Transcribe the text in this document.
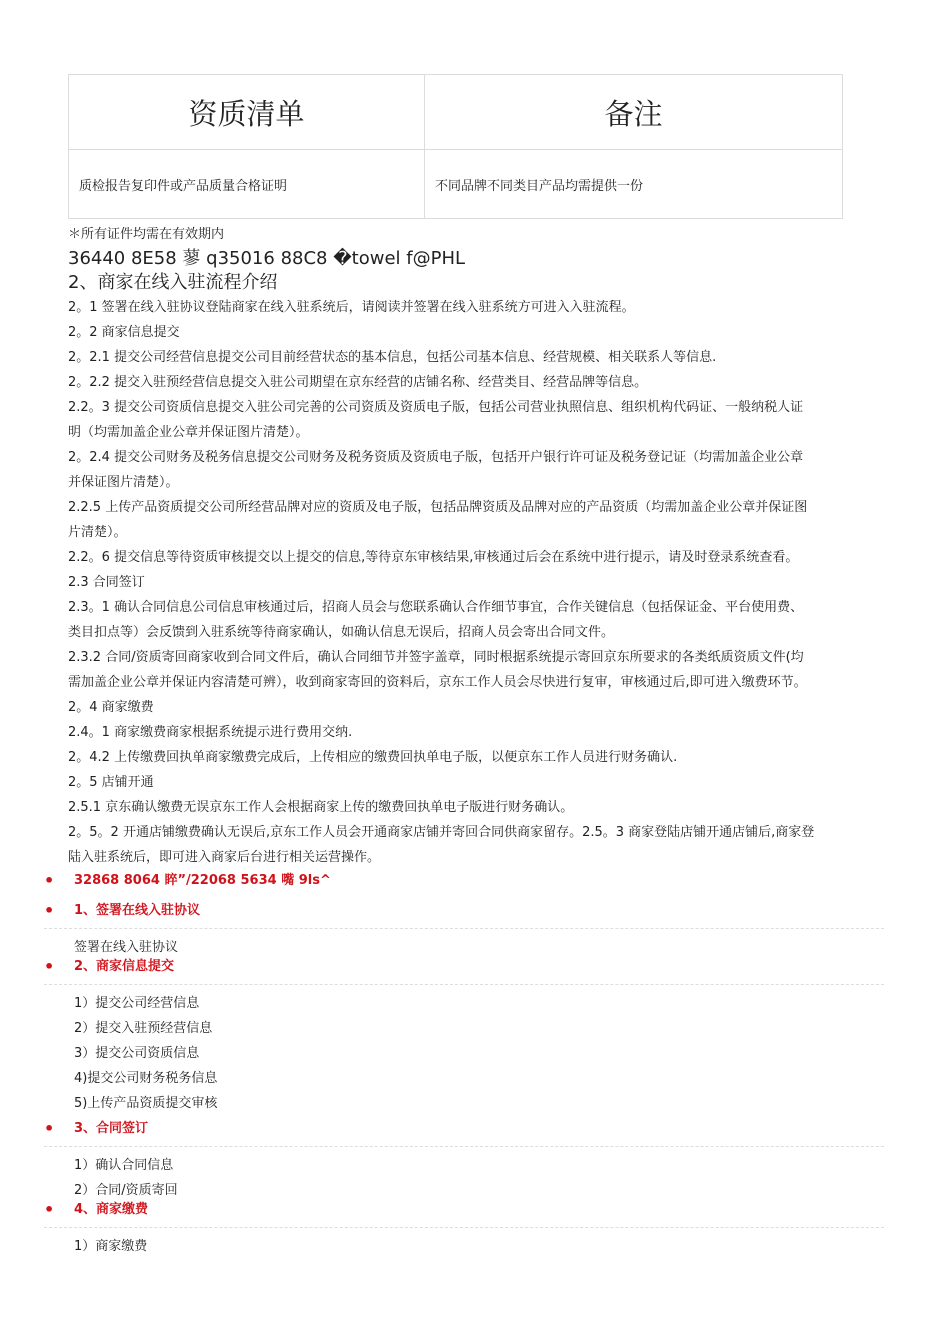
资质清单	备注
质检报告复印件或产品质量合格证明	不同品牌不同类目产品均需提供一份

＊所有证件均需在有效期内

36440 8E58 蓼 q35016 88C8 �towel f@PHL

2、商家在线入驻流程介绍

2。1 签署在线入驻协议登陆商家在线入驻系统后，请阅读并签署在线入驻系统方可进入入驻流程。

2。2 商家信息提交

2。2.1 提交公司经营信息提交公司目前经营状态的基本信息，包括公司基本信息、经营规模、相关联系人等信息.

2。2.2 提交入驻预经营信息提交入驻公司期望在京东经营的店铺名称、经营类目、经营品牌等信息。

2.2。3 提交公司资质信息提交入驻公司完善的公司资质及资质电子版，包括公司营业执照信息、组织机构代码证、一般纳税人证

明（均需加盖企业公章并保证图片清楚）。

2。2.4 提交公司财务及税务信息提交公司财务及税务资质及资质电子版，包括开户银行许可证及税务登记证（均需加盖企业公章

并保证图片清楚）。

2.2.5 上传产品资质提交公司所经营品牌对应的资质及电子版，包括品牌资质及品牌对应的产品资质（均需加盖企业公章并保证图

片清楚）。

2.2。6 提交信息等待资质审核提交以上提交的信息,等待京东审核结果,审核通过后会在系统中进行提示，请及时登录系统查看。

2.3 合同签订

2.3。1 确认合同信息公司信息审核通过后，招商人员会与您联系确认合作细节事宜，合作关键信息（包括保证金、平台使用费、

类目扣点等）会反馈到入驻系统等待商家确认，如确认信息无误后，招商人员会寄出合同文件。

2.3.2 合同/资质寄回商家收到合同文件后，确认合同细节并签字盖章，同时根据系统提示寄回京东所要求的各类纸质资质文件(均

需加盖企业公章并保证内容清楚可辨），收到商家寄回的资料后，京东工作人员会尽快进行复审，审核通过后,即可进入缴费环节。

2。4 商家缴费

2.4。1 商家缴费商家根据系统提示进行费用交纳.

2。4.2 上传缴费回执单商家缴费完成后，上传相应的缴费回执单电子版，以便京东工作人员进行财务确认.

2。5 店铺开通

2.5.1 京东确认缴费无误京东工作人会根据商家上传的缴费回执单电子版进行财务确认。

2。5。2 开通店铺缴费确认无误后,京东工作人员会开通商家店铺并寄回合同供商家留存。2.5。3 商家登陆店铺开通店铺后,商家登

陆入驻系统后，即可进入商家后台进行相关运营操作。

• 32868 8064 睟”/22068 5634 嘴 9ls^
• 1、签署在线入驻协议
签署在线入驻协议
• 2、商家信息提交
1）提交公司经营信息
2）提交入驻预经营信息
3）提交公司资质信息
4)提交公司财务税务信息
5)上传产品资质提交审核
• 3、合同签订
1）确认合同信息
2）合同/资质寄回
• 4、商家缴费
1）商家缴费
